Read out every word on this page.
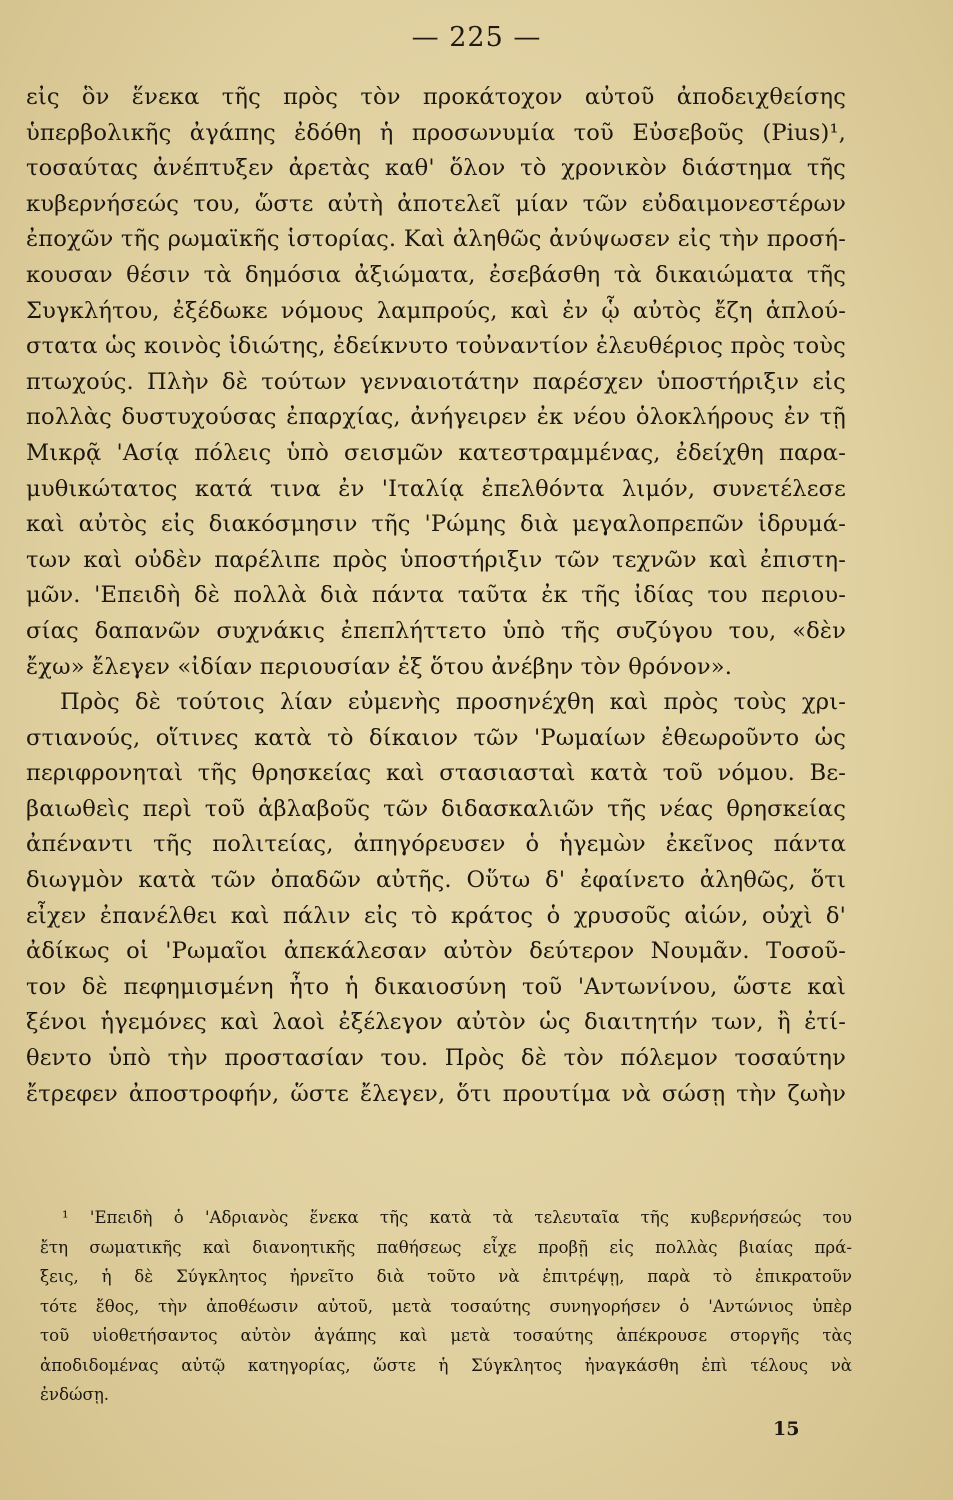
— 225 —
εἰς ὃν ἕνεκα τῆς πρὸς τὸν προκάτοχον αὐτοῦ ἀποδειχθείσης
ὑπερβολικῆς ἀγάπης ἐδόθη ἡ προσωνυμία τοῦ Εὐσεβοῦς (Pius)¹,
τοσαύτας ἀνέπτυξεν ἀρετὰς καθ' ὅλον τὸ χρονικὸν διάστημα τῆς
κυβερνήσεώς του, ὥστε αὐτὴ ἀποτελεῖ μίαν τῶν εὐδαιμονεστέρων
ἐποχῶν τῆς ρωμαϊκῆς ἱστορίας. Καὶ ἀληθῶς ἀνύψωσεν εἰς τὴν προσή-
κουσαν θέσιν τὰ δημόσια ἀξιώματα, ἐσεβάσθη τὰ δικαιώματα τῆς
Συγκλήτου, ἐξέδωκε νόμους λαμπρούς, καὶ ἐν ᾧ αὐτὸς ἔζη ἁπλού-
στατα ὡς κοινὸς ἰδιώτης, ἐδείκνυτο τοὐναντίον ἐλευθέριος πρὸς τοὺς
πτωχούς. Πλὴν δὲ τούτων γενναιοτάτην παρέσχεν ὑποστήριξιν εἰς
πολλὰς δυστυχούσας ἐπαρχίας, ἀνήγειρεν ἐκ νέου ὁλοκλήρους ἐν τῇ
Μικρᾷ 'Ασίᾳ πόλεις ὑπὸ σεισμῶν κατεστραμμένας, ἐδείχθη παρα-
μυθικώτατος κατά τινα ἐν 'Ιταλίᾳ ἐπελθόντα λιμόν, συνετέλεσε
καὶ αὐτὸς εἰς διακόσμησιν τῆς 'Ρώμης διὰ μεγαλοπρεπῶν ἱδρυμά-
των καὶ οὐδὲν παρέλιπε πρὸς ὑποστήριξιν τῶν τεχνῶν καὶ ἐπιστη-
μῶν. 'Επειδὴ δὲ πολλὰ διὰ πάντα ταῦτα ἐκ τῆς ἰδίας του περιου-
σίας δαπανῶν συχνάκις ἐπεπλήττετο ὑπὸ τῆς συζύγου του, «δὲν
ἔχω» ἔλεγεν «ἰδίαν περιουσίαν ἐξ ὅτου ἀνέβην τὸν θρόνον».
Πρὸς δὲ τούτοις λίαν εὐμενὴς προσηνέχθη καὶ πρὸς τοὺς χρι-
στιανούς, οἵτινες κατὰ τὸ δίκαιον τῶν 'Ρωμαίων ἐθεωροῦντο ὡς
περιφρονηταὶ τῆς θρησκείας καὶ στασιασταὶ κατὰ τοῦ νόμου. Βε-
βαιωθεὶς περὶ τοῦ ἀβλαβοῦς τῶν διδασκαλιῶν τῆς νέας θρησκείας
ἀπέναντι τῆς πολιτείας, ἀπηγόρευσεν ὁ ἡγεμὼν ἐκεῖνος πάντα
διωγμὸν κατὰ τῶν ὀπαδῶν αὐτῆς. Οὕτω δ' ἐφαίνετο ἀληθῶς, ὅτι
εἶχεν ἐπανέλθει καὶ πάλιν εἰς τὸ κράτος ὁ χρυσοῦς αἰών, οὐχὶ δ'
ἀδίκως οἱ 'Ρωμαῖοι ἀπεκάλεσαν αὐτὸν δεύτερον Νουμᾶν. Τοσοῦ-
τον δὲ πεφημισμένη ἦτο ἡ δικαιοσύνη τοῦ 'Αντωνίνου, ὥστε καὶ
ξένοι ἡγεμόνες καὶ λαοὶ ἐξέλεγον αὐτὸν ὡς διαιτητήν των, ἢ ἐτί-
θεντο ὑπὸ τὴν προστασίαν του. Πρὸς δὲ τὸν πόλεμον τοσαύτην
ἔτρεφεν ἀποστροφήν, ὥστε ἔλεγεν, ὅτι προυτίμα νὰ σώσῃ τὴν ζωὴν
¹ 'Επειδὴ ὁ 'Αδριανὸς ἕνεκα τῆς κατὰ τὰ τελευταῖα τῆς κυβερνήσεώς του
ἔτη σωματικῆς καὶ διανοητικῆς παθήσεως εἶχε προβῇ εἰς πολλὰς βιαίας πρά-
ξεις, ἡ δὲ Σύγκλητος ἠρνεῖτο διὰ τοῦτο νὰ ἐπιτρέψῃ, παρὰ τὸ ἐπικρατοῦν
τότε ἔθος, τὴν ἀποθέωσιν αὐτοῦ, μετὰ τοσαύτης συνηγορήσεν ὁ 'Αντώνιος ὑπὲρ
τοῦ υἱοθετήσαντος αὐτὸν ἀγάπης καὶ μετὰ τοσαύτης ἀπέκρουσε στοργῆς τὰς
ἀποδιδομένας αὐτῷ κατηγορίας, ὥστε ἡ Σύγκλητος ἠναγκάσθη ἐπὶ τέλους νὰ
ἐνδώσῃ.
15
